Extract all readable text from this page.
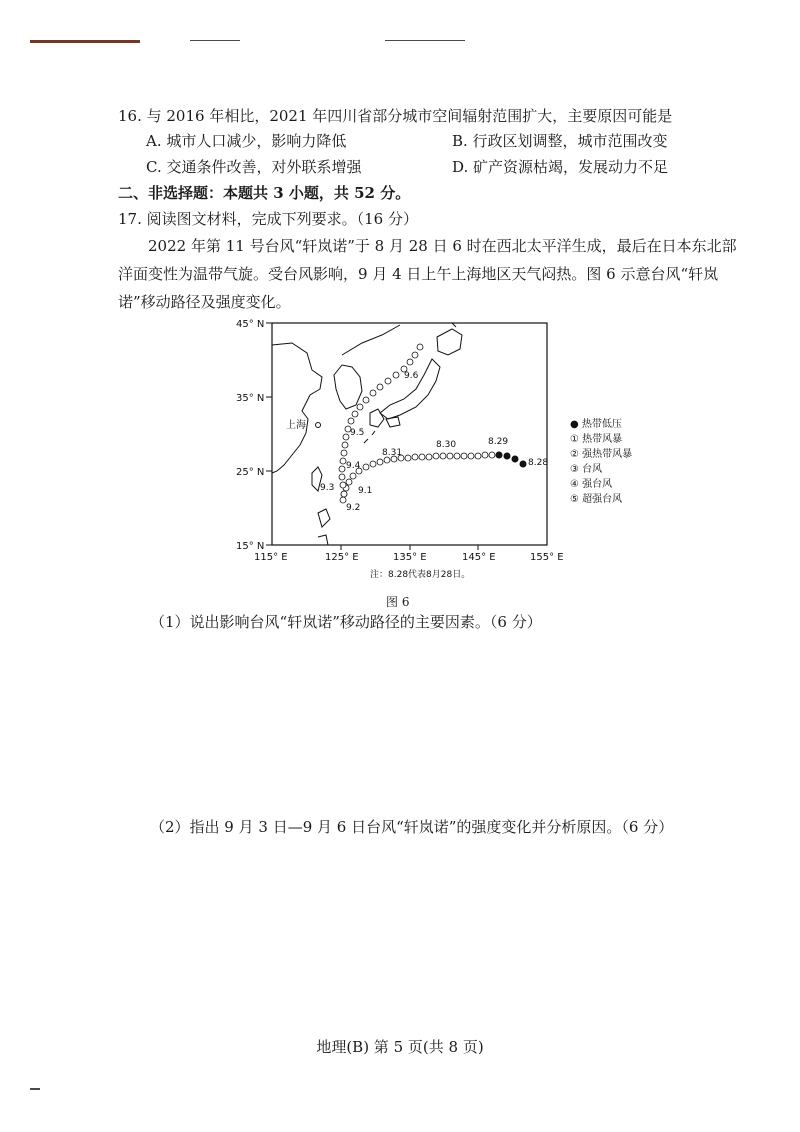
16. 与 2016 年相比，2021 年四川省部分城市空间辐射范围扩大，主要原因可能是
A. 城市人口减少，影响力降低	B. 行政区划调整，城市范围改变
C. 交通条件改善，对外联系增强	D. 矿产资源枯竭，发展动力不足
二、非选择题：本题共 3 小题，共 52 分。
17. 阅读图文材料，完成下列要求。（16 分）
2022 年第 11 号台风“轩岚诺”于 8 月 28 日 6 时在西北太平洋生成，最后在日本东北部洋面变性为温带气旋。受台风影响，9 月 4 日上午上海地区天气闷热。图 6 示意台风“轩岚诺”移动路径及强度变化。
45° N
35° N
25° N
15° N
115° E	125° E	135° E	145° E	155° E
上海
9.6
9.5
9.4
9.3	9.1
9.2
8.31
8.30	8.29
8.28
● 热带低压
① 热带风暴
② 强热带风暴
③ 台风
④ 强台风
⑤ 超强台风
注：8.28代表8月28日。
图 6
（1）说出影响台风“轩岚诺”移动路径的主要因素。（6 分）
（2）指出 9 月 3 日—9 月 6 日台风“轩岚诺”的强度变化并分析原因。（6 分）
地理(B) 第 5 页(共 8 页)
